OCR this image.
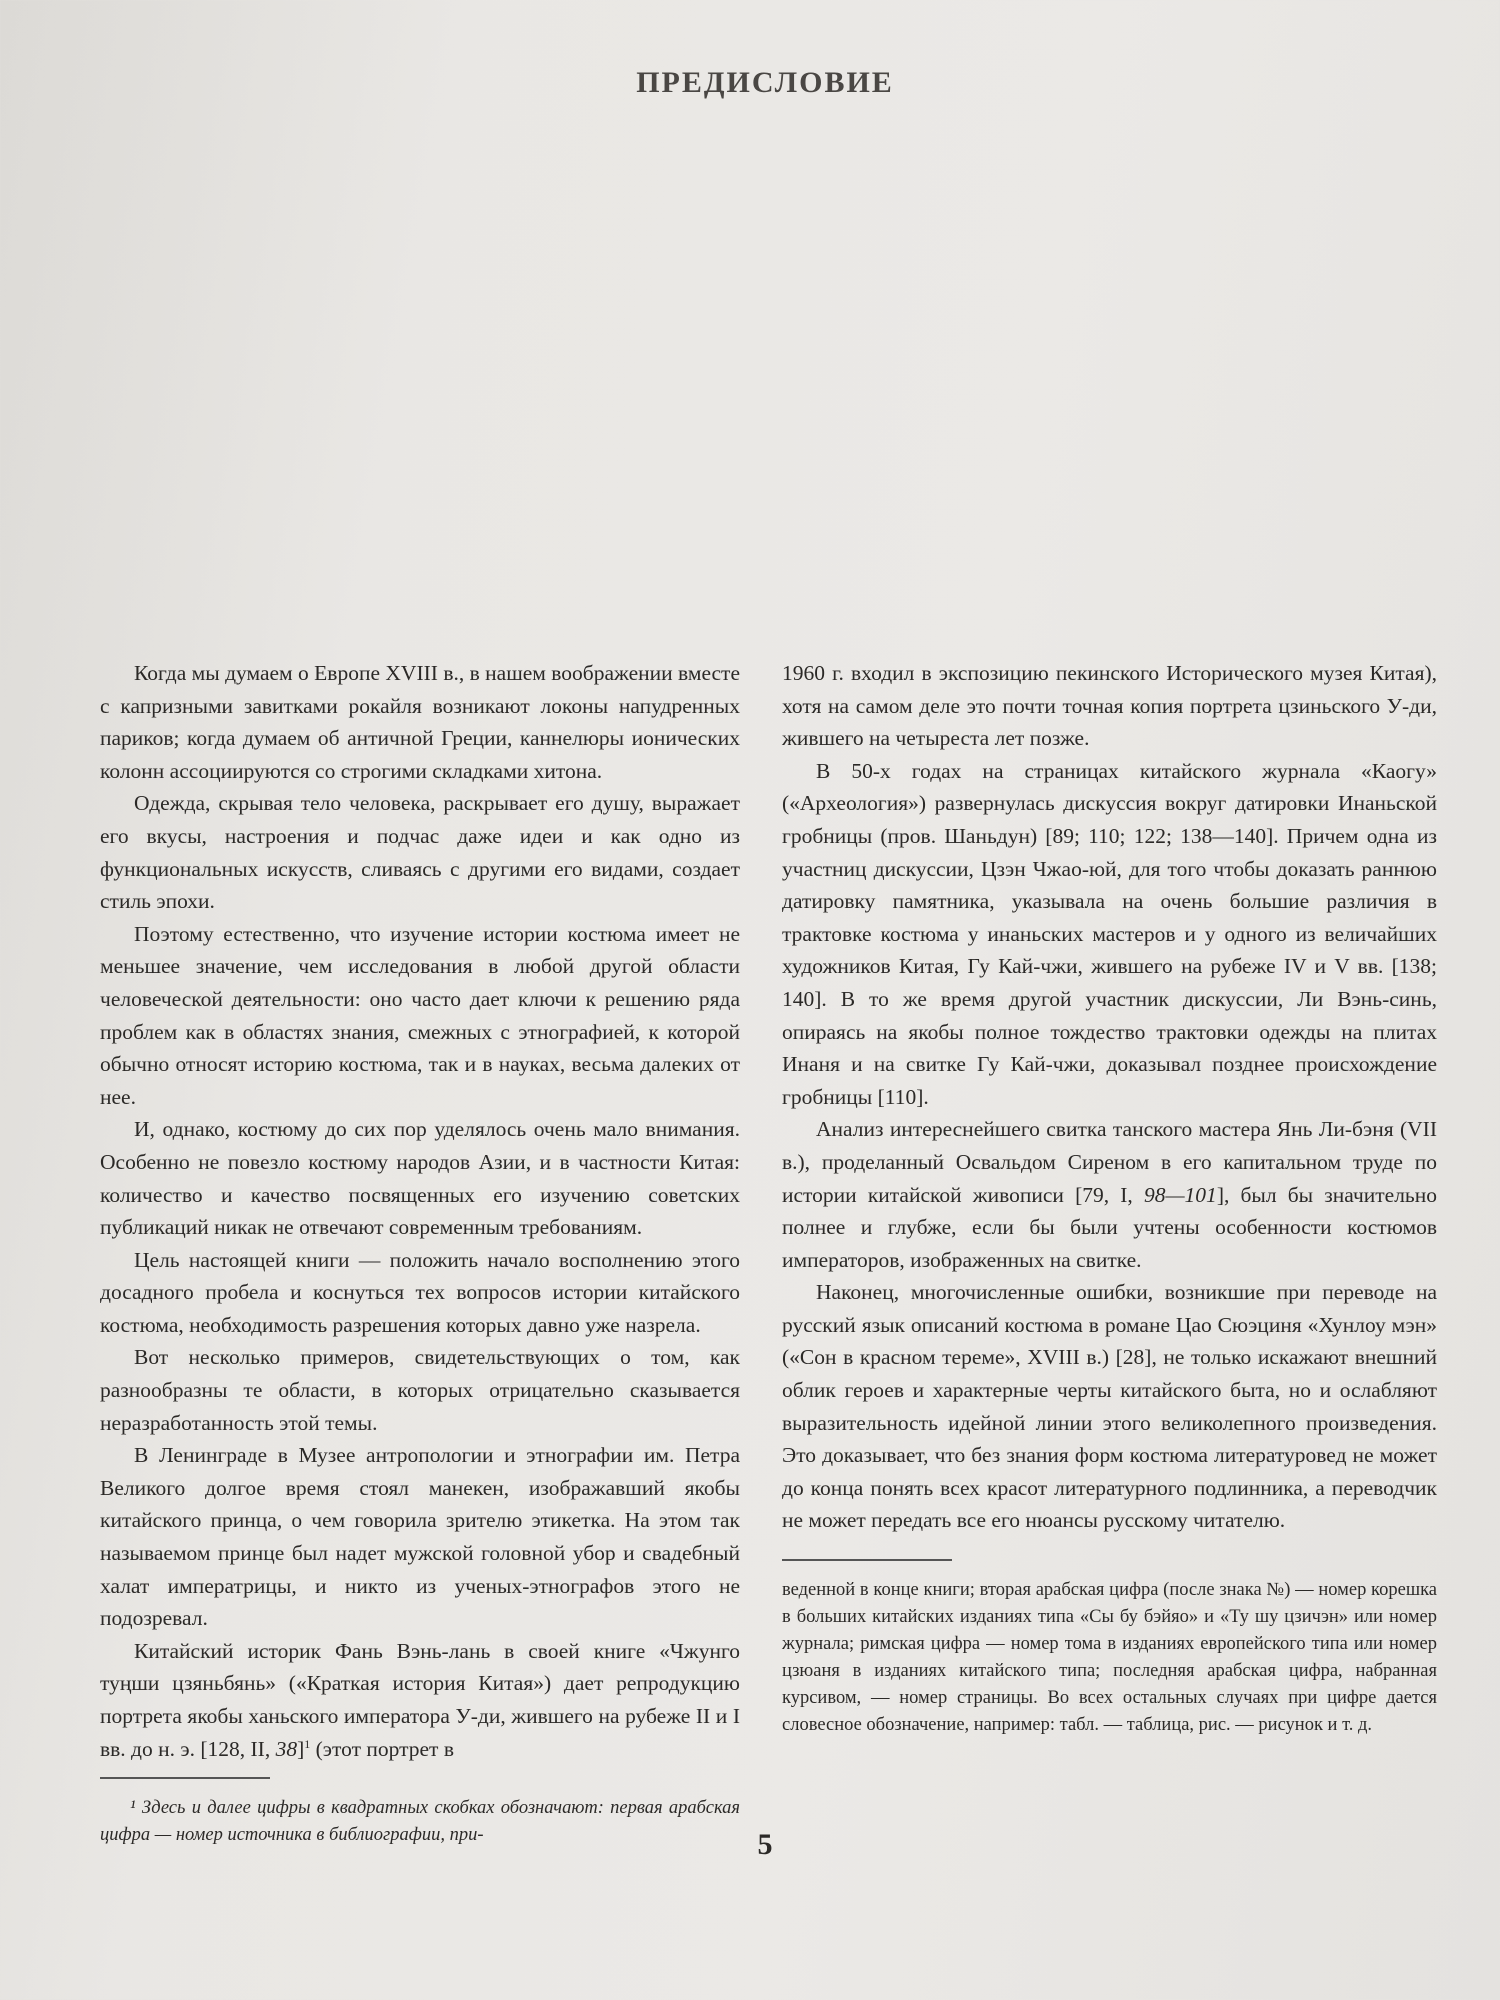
ПРЕДИСЛОВИЕ

Когда мы думаем о Европе XVIII в., в нашем воображении вместе с капризными завитками рокайля возникают локоны напудренных париков; когда думаем об античной Греции, каннелюры ионических колонн ассоциируются со строгими складками хитона.

Одежда, скрывая тело человека, раскрывает его душу, выражает его вкусы, настроения и подчас даже идеи и как одно из функциональных искусств, сливаясь с другими его видами, создает стиль эпохи.

Поэтому естественно, что изучение истории костюма имеет не меньшее значение, чем исследования в любой другой области человеческой деятельности: оно часто дает ключи к решению ряда проблем как в областях знания, смежных с этнографией, к которой обычно относят историю костюма, так и в науках, весьма далеких от нее.

И, однако, костюму до сих пор уделялось очень мало внимания. Особенно не повезло костюму народов Азии, и в частности Китая: количество и качество посвященных его изучению советских публикаций никак не отвечают современным требованиям.

Цель настоящей книги — положить начало восполнению этого досадного пробела и коснуться тех вопросов истории китайского костюма, необходимость разрешения которых давно уже назрела.

Вот несколько примеров, свидетельствующих о том, как разнообразны те области, в которых отрицательно сказывается неразработанность этой темы.

В Ленинграде в Музее антропологии и этнографии им. Петра Великого долгое время стоял манекен, изображавший якобы китайского принца, о чем говорила зрителю этикетка. На этом так называемом принце был надет мужской головной убор и свадебный халат императрицы, и никто из ученых-этнографов этого не подозревал.

Китайский историк Фань Вэнь-лань в своей книге «Чжунго туңши цзяньбянь» («Краткая история Китая») дает репродукцию портрета якобы ханьского императора У-ди, жившего на рубеже II и I вв. до н. э. [128, II, 38]$^1$ (этот портрет в

¹ Здесь и далее цифры в квадратных скобках обозначают: первая арабская цифра — номер источника в библиографии, при-

1960 г. входил в экспозицию пекинского Исторического музея Китая), хотя на самом деле это почти точная копия портрета цзиньского У-ди, жившего на четыреста лет позже.

В 50-х годах на страницах китайского журнала «Каогу» («Археология») развернулась дискуссия вокруг датировки Инаньской гробницы (пров. Шаньдун) [89; 110; 122; 138—140]. Причем одна из участниц дискуссии, Цзэн Чжао-юй, для того чтобы доказать раннюю датировку памятника, указывала на очень большие различия в трактовке костюма у инаньских мастеров и у одного из величайших художников Китая, Гу Кай-чжи, жившего на рубеже IV и V вв. [138; 140]. В то же время другой участник дискуссии, Ли Вэнь-синь, опираясь на якобы полное тождество трактовки одежды на плитах Инаня и на свитке Гу Кай-чжи, доказывал позднее происхождение гробницы [110].

Анализ интереснейшего свитка танского мастера Янь Ли-бэня (VII в.), проделанный Освальдом Сиреном в его капитальном труде по истории китайской живописи [79, I, 98—101], был бы значительно полнее и глубже, если бы были учтены особенности костюмов императоров, изображенных на свитке.

Наконец, многочисленные ошибки, возникшие при переводе на русский язык описаний костюма в романе Цао Сюэциня «Хунлоу мэн» («Сон в красном тереме», XVIII в.) [28], не только искажают внешний облик героев и характерные черты китайского быта, но и ослабляют выразительность идейной линии этого великолепного произведения. Это доказывает, что без знания форм костюма литературовед не может до конца понять всех красот литературного подлинника, а переводчик не может передать все его нюансы русскому читателю.

веденной в конце книги; вторая арабская цифра (после знака №) — номер корешка в больших китайских изданиях типа «Сы бу бэйяо» и «Ту шу цзичэн» или номер журнала; римская цифра — номер тома в изданиях европейского типа или номер цзюаня в изданиях китайского типа; последняя арабская цифра, набранная курсивом, — номер страницы. Во всех остальных случаях при цифре дается словесное обозначение, например: табл. — таблица, рис. — рисунок и т. д.

5
